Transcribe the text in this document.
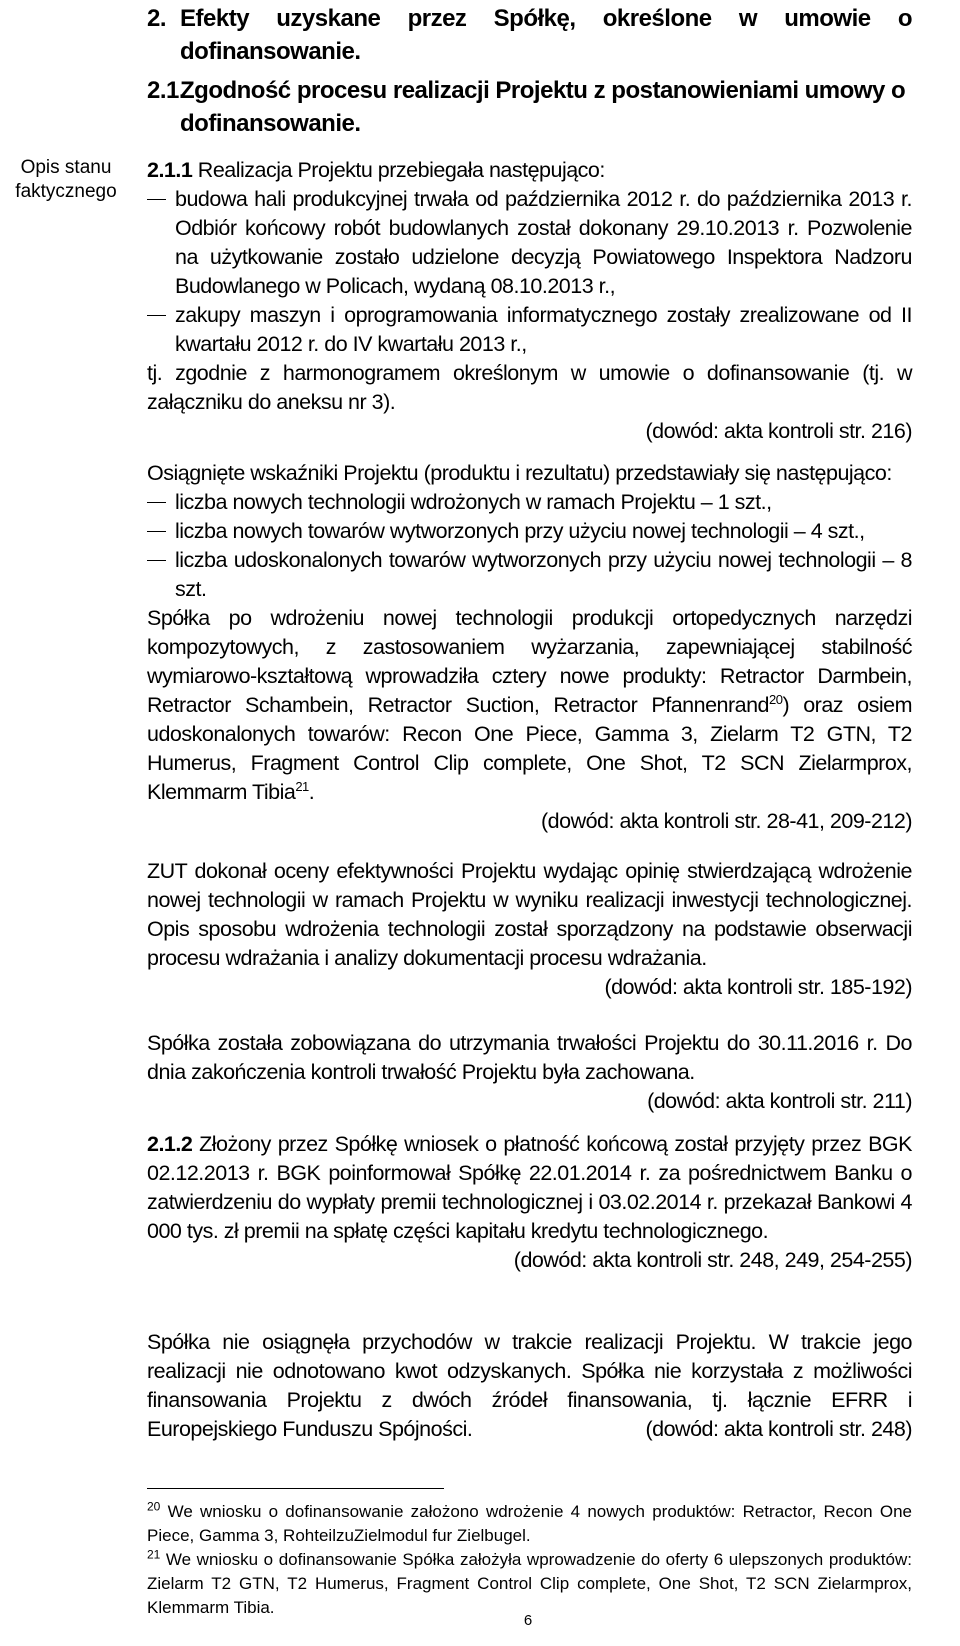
Opis stanu faktycznego
2. Efekty uzyskane przez Spółkę, określone w umowie o dofinansowanie.
2.1.
Zgodność procesu realizacji Projektu z postanowieniami umowy o dofinansowanie.
2.1.1 Realizacja Projektu przebiegała następująco:
budowa hali produkcyjnej trwała od października 2012 r. do października 2013 r. Odbiór końcowy robót budowlanych został dokonany 29.10.2013 r. Pozwolenie na użytkowanie zostało udzielone decyzją Powiatowego Inspektora Nadzoru Budowlanego w Policach, wydaną 08.10.2013 r.,
zakupy maszyn i oprogramowania informatycznego zostały zrealizowane od II kwartału 2012 r. do IV kwartału 2013 r.,
tj. zgodnie z harmonogramem określonym w umowie o dofinansowanie (tj. w załączniku do aneksu nr 3).
(dowód: akta kontroli str. 216)
Osiągnięte wskaźniki Projektu (produktu i rezultatu) przedstawiały się następująco:
liczba nowych technologii wdrożonych w ramach Projektu – 1 szt.,
liczba nowych towarów wytworzonych przy użyciu nowej technologii – 4 szt.,
liczba udoskonalonych towarów wytworzonych przy użyciu nowej technologii – 8 szt.
Spółka po wdrożeniu nowej technologii produkcji ortopedycznych narzędzi kompozytowych, z zastosowaniem wyżarzania, zapewniającej stabilność wymiarowo-kształtową wprowadziła cztery nowe produkty: Retractor Darmbein, Retractor Schambein, Retractor Suction, Retractor Pfannenrand$^{20}$) oraz osiem udoskonalonych towarów: Recon One Piece, Gamma 3, Zielarm T2 GTN, T2 Humerus, Fragment Control Clip complete, One Shot, T2 SCN Zielarmprox, Klemmarm Tibia$^{21}$.
(dowód: akta kontroli str. 28-41, 209-212)
ZUT dokonał oceny efektywności Projektu wydając opinię stwierdzającą wdrożenie nowej technologii w ramach Projektu w wyniku realizacji inwestycji technologicznej. Opis sposobu wdrożenia technologii został sporządzony na podstawie obserwacji procesu wdrażania i analizy dokumentacji procesu wdrażania.
(dowód: akta kontroli str. 185-192)
Spółka została zobowiązana do utrzymania trwałości Projektu do 30.11.2016 r. Do dnia zakończenia kontroli trwałość Projektu była zachowana.
(dowód: akta kontroli str. 211)
2.1.2 Złożony przez Spółkę wniosek o płatność końcową został przyjęty przez BGK 02.12.2013 r. BGK poinformował Spółkę 22.01.2014 r. za pośrednictwem Banku o zatwierdzeniu do wypłaty premii technologicznej i 03.02.2014 r. przekazał Bankowi 4 000 tys. zł premii na spłatę części kapitału kredytu technologicznego.
(dowód: akta kontroli str. 248, 249, 254-255)
Spółka nie osiągnęła przychodów w trakcie realizacji Projektu. W trakcie jego realizacji nie odnotowano kwot odzyskanych. Spółka nie korzystała z możliwości finansowania Projektu z dwóch źródeł finansowania, tj. łącznie EFRR i Europejskiego Funduszu Spójności.	(dowód: akta kontroli str. 248)
$^{20}$ We wniosku o dofinansowanie założono wdrożenie 4 nowych produktów: Retractor, Recon One Piece, Gamma 3, RohteilzuZielmodul fur Zielbugel.
$^{21}$ We wniosku o dofinansowanie Spółka założyła wprowadzenie do oferty 6 ulepszonych produktów: Zielarm T2 GTN, T2 Humerus, Fragment Control Clip complete, One Shot, T2 SCN Zielarmprox, Klemmarm Tibia.
6
